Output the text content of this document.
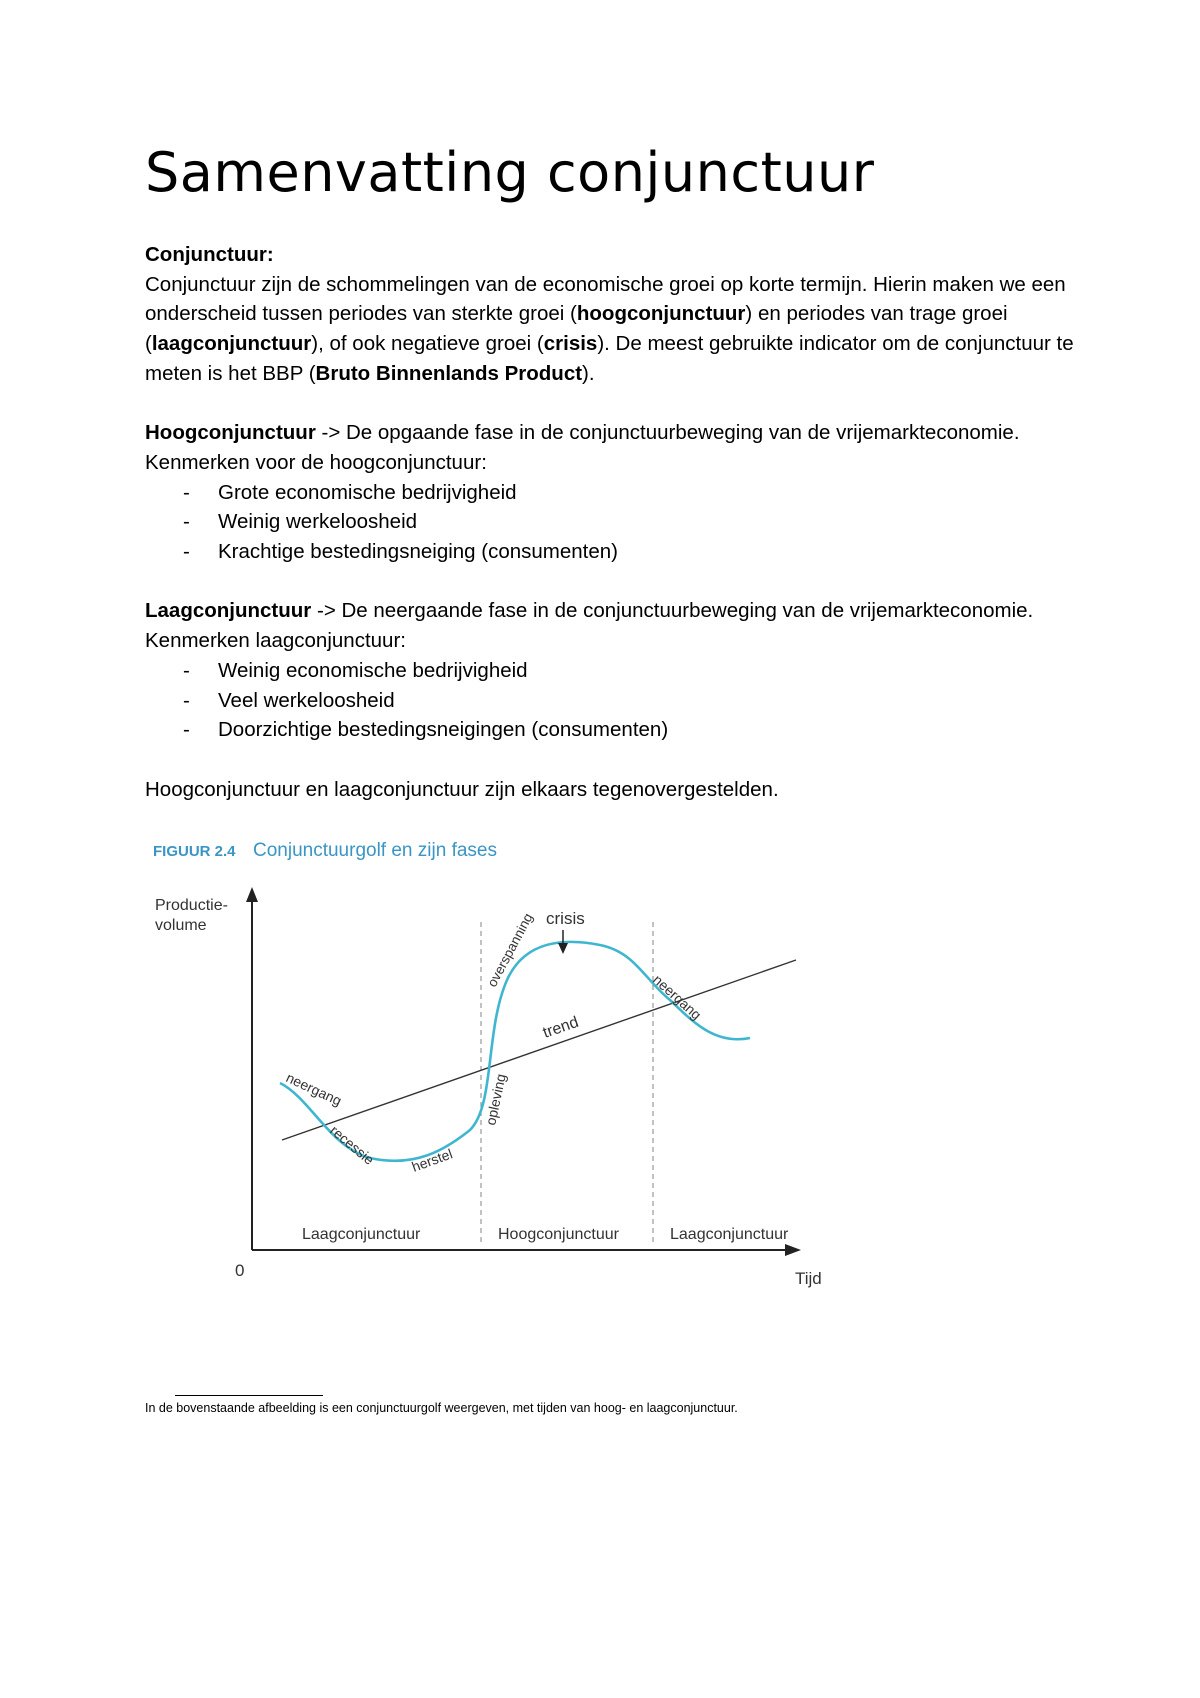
Samenvatting conjunctuur

Conjunctuur:

Conjunctuur zijn de schommelingen van de economische groei op korte termijn. Hierin maken we een onderscheid tussen periodes van sterkte groei (hoogconjunctuur) en periodes van trage groei (laagconjunctuur), of ook negatieve groei (crisis). De meest gebruikte indicator om de conjunctuur te meten is het BBP (Bruto Binnenlands Product).

Hoogconjunctuur -> De opgaande fase in de conjunctuurbeweging van de vrijemarkteconomie. Kenmerken voor de hoogconjunctuur:

- Grote economische bedrijvigheid
- Weinig werkeloosheid
- Krachtige bestedingsneiging (consumenten)

Laagconjunctuur -> De neergaande fase in de conjunctuurbeweging van de vrijemarkteconomie. Kenmerken laagconjunctuur:

- Weinig economische bedrijvigheid
- Veel werkeloosheid
- Doorzichtige bestedingsneigingen (consumenten)

Hoogconjunctuur en laagconjunctuur zijn elkaars tegenovergestelden.

FIGUUR 2.4 Conjunctuurgolf en zijn fases
Productie-
volume
0	Tijd
crisis
trend
neergang
recessie herstel
opleving
overspanning
neergang
Laagconjunctuur	Hoogconjunctuur	Laagconjunctuur

In de bovenstaande afbeelding is een conjunctuurgolf weergeven, met tijden van hoog- en laagconjunctuur.
